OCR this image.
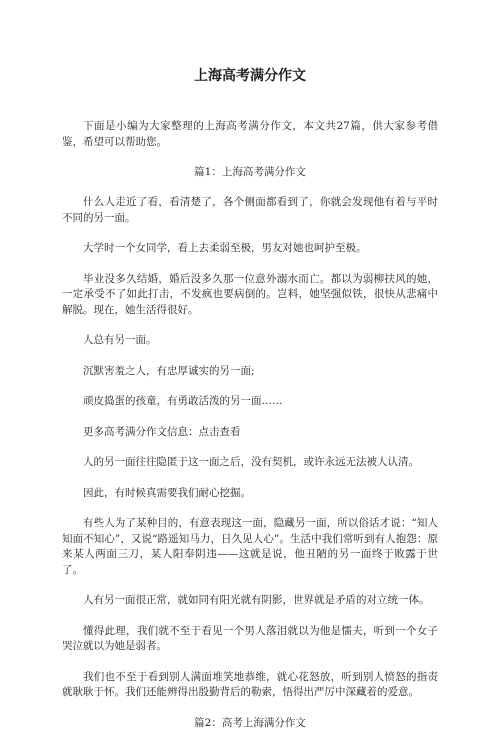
上海高考满分作文

下面是小编为大家整理的上海高考满分作文，本文共27篇，供大家参考借鉴，希望可以帮助您。

篇1：上海高考满分作文

什么人走近了看，看清楚了，各个侧面都看到了，你就会发现他有着与平时不同的另一面。

大学时一个女同学，看上去柔弱至极，男友对她也呵护至极。

毕业没多久结婚，婚后没多久那一位意外溺水而亡。都以为弱柳扶风的她，一定承受不了如此打击，不发疯也要病倒的。岂料，她坚强似铁，很快从悲痛中解脱。现在，她生活得很好。

人总有另一面。

沉默害羞之人，有忠厚诚实的另一面;

顽皮捣蛋的孩童，有勇敢活泼的另一面……

更多高考满分作文信息：点击查看

人的另一面往往隐匿于这一面之后，没有契机，或许永远无法被人认清。

因此，有时候真需要我们耐心挖掘。

有些人为了某种目的，有意表现这一面，隐藏另一面，所以俗话才说：“知人知面不知心”，又说“路遥知马力，日久见人心”。生活中我们常听到有人抱怨：原来某人两面三刀，某人阳奉阴违——这就是说，他丑陋的另一面终于败露于世了。

人有另一面很正常，就如同有阳光就有阴影，世界就是矛盾的对立统一体。

懂得此理，我们就不至于看见一个男人落泪就以为他是懦夫，听到一个女子哭泣就以为她是弱者。

我们也不至于看到别人满面堆笑地恭维，就心花怒放，听到别人愤怒的指责就耿耿于怀。我们还能辨得出殷勤背后的勒索，悟得出严厉中深藏着的爱意。

篇2：高考上海满分作文
